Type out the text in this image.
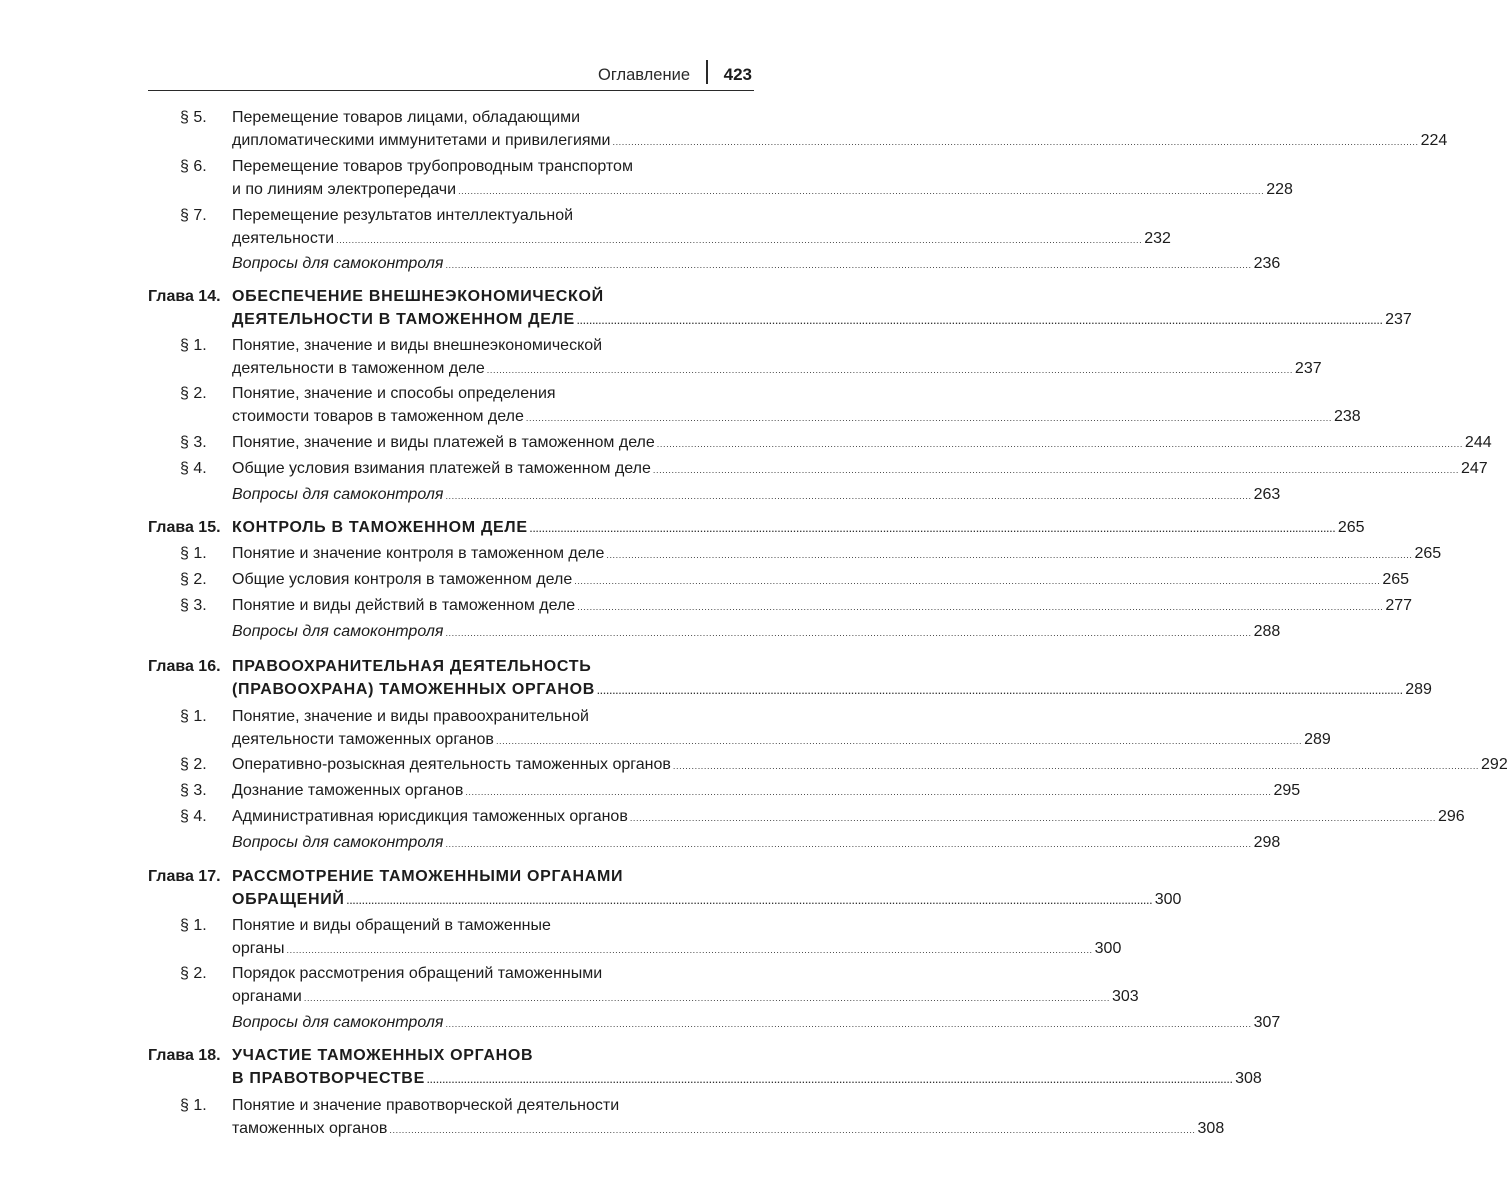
Оглавление 423
§ 5. Перемещение товаров лицами, обладающими
дипломатическими иммунитетами и привилегиями .................................................................................................................................................................................................................................................................... 224
§ 6. Перемещение товаров трубопроводным транспортом
и по линиям электропередачи .................................................................................................................................................................................................................................................................... 228
§ 7. Перемещение результатов интеллектуальной
деятельности .................................................................................................................................................................................................................................................................... 232
Вопросы для самоконтроля .................................................................................................................................................................................................................................................................... 236
Глава 14. ОБЕСПЕЧЕНИЕ ВНЕШНЕЭКОНОМИЧЕСКОЙ
ДЕЯТЕЛЬНОСТИ В ТАМОЖЕННОМ ДЕЛЕ .................................................................................................................................................................................................................................................................... 237
§ 1. Понятие, значение и виды внешнеэкономической
деятельности в таможенном деле .................................................................................................................................................................................................................................................................... 237
§ 2. Понятие, значение и способы определения
стоимости товаров в таможенном деле .................................................................................................................................................................................................................................................................... 238
§ 3. Понятие, значение и виды платежей в таможенном деле .................................................................................................................................................................................................................................................................... 244
§ 4. Общие условия взимания платежей в таможенном деле .................................................................................................................................................................................................................................................................... 247
Вопросы для самоконтроля .................................................................................................................................................................................................................................................................... 263
Глава 15. КОНТРОЛЬ В ТАМОЖЕННОМ ДЕЛЕ .................................................................................................................................................................................................................................................................... 265
§ 1. Понятие и значение контроля в таможенном деле .................................................................................................................................................................................................................................................................... 265
§ 2. Общие условия контроля в таможенном деле .................................................................................................................................................................................................................................................................... 265
§ 3. Понятие и виды действий в таможенном деле .................................................................................................................................................................................................................................................................... 277
Вопросы для самоконтроля .................................................................................................................................................................................................................................................................... 288
Глава 16. ПРАВООХРАНИТЕЛЬНАЯ ДЕЯТЕЛЬНОСТЬ
(ПРАВООХРАНА) ТАМОЖЕННЫХ ОРГАНОВ .................................................................................................................................................................................................................................................................... 289
§ 1. Понятие, значение и виды правоохранительной
деятельности таможенных органов .................................................................................................................................................................................................................................................................... 289
§ 2. Оперативно-розыскная деятельность таможенных органов .................................................................................................................................................................................................................................................................... 292
§ 3. Дознание таможенных органов .................................................................................................................................................................................................................................................................... 295
§ 4. Административная юрисдикция таможенных органов .................................................................................................................................................................................................................................................................... 296
Вопросы для самоконтроля .................................................................................................................................................................................................................................................................... 298
Глава 17. РАССМОТРЕНИЕ ТАМОЖЕННЫМИ ОРГАНАМИ
ОБРАЩЕНИЙ .................................................................................................................................................................................................................................................................... 300
§ 1. Понятие и виды обращений в таможенные
органы .................................................................................................................................................................................................................................................................... 300
§ 2. Порядок рассмотрения обращений таможенными
органами .................................................................................................................................................................................................................................................................... 303
Вопросы для самоконтроля .................................................................................................................................................................................................................................................................... 307
Глава 18. УЧАСТИЕ ТАМОЖЕННЫХ ОРГАНОВ
В ПРАВОТВОРЧЕСТВЕ .................................................................................................................................................................................................................................................................... 308
§ 1. Понятие и значение правотворческой деятельности
таможенных органов .................................................................................................................................................................................................................................................................... 308
